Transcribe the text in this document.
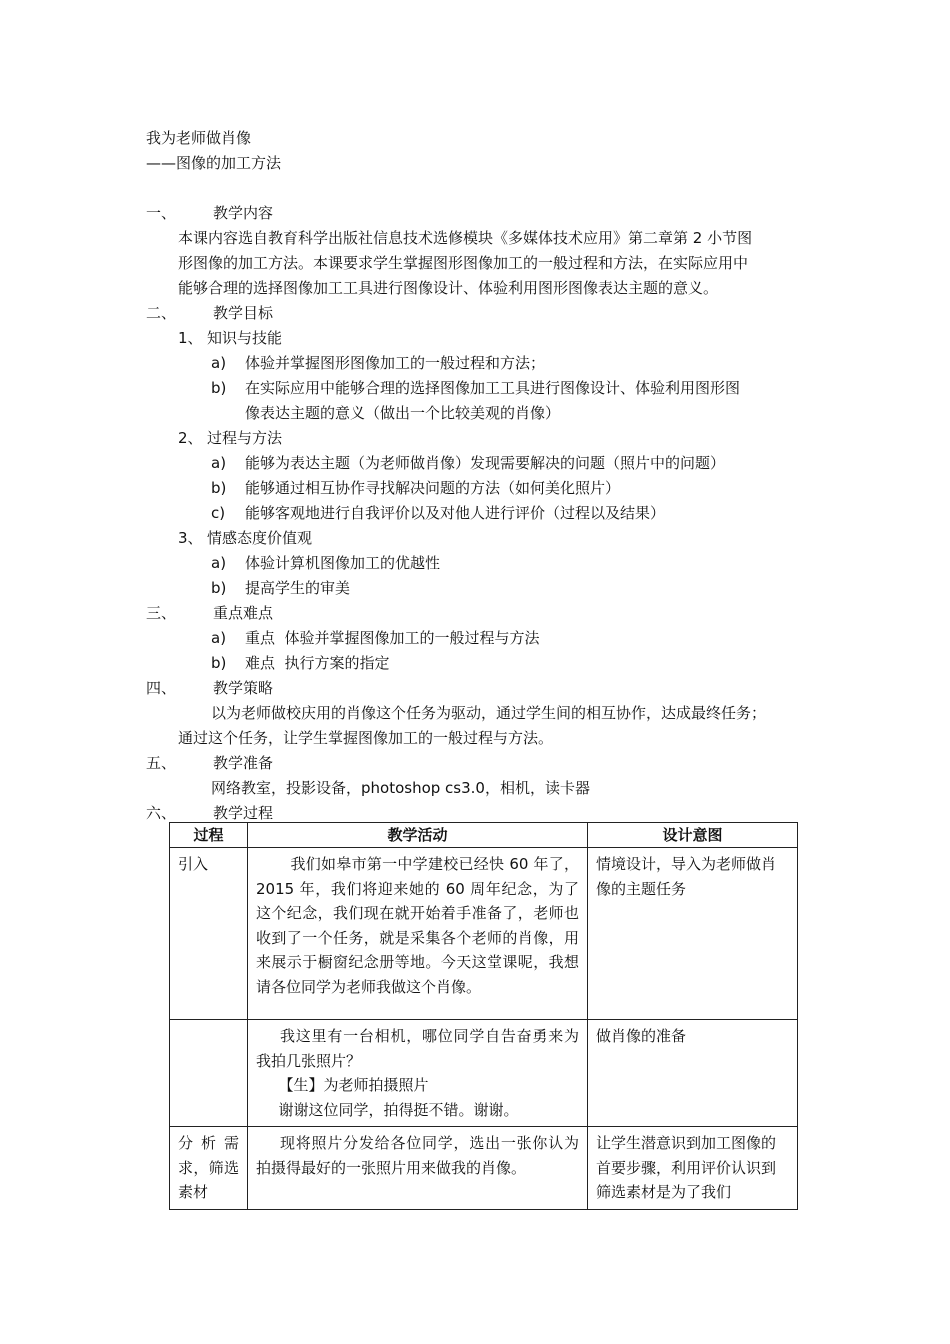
我为老师做肖像
——图像的加工方法
一、 教学内容
本课内容选自教育科学出版社信息技术选修模块《多媒体技术应用》第二章第 2 小节图
形图像的加工方法。本课要求学生掌握图形图像加工的一般过程和方法，在实际应用中
能够合理的选择图像加工工具进行图像设计、体验利用图形图像表达主题的意义。
二、 教学目标
1、 知识与技能
a) 体验并掌握图形图像加工的一般过程和方法；
b) 在实际应用中能够合理的选择图像加工工具进行图像设计、体验利用图形图
像表达主题的意义（做出一个比较美观的肖像）
2、 过程与方法
a) 能够为表达主题（为老师做肖像）发现需要解决的问题（照片中的问题）
b) 能够通过相互协作寻找解决问题的方法（如何美化照片）
c) 能够客观地进行自我评价以及对他人进行评价（过程以及结果）
3、 情感态度价值观
a) 体验计算机图像加工的优越性
b) 提高学生的审美
三、 重点难点
a) 重点  体验并掌握图像加工的一般过程与方法
b) 难点  执行方案的指定
四、 教学策略
以为老师做校庆用的肖像这个任务为驱动，通过学生间的相互协作，达成最终任务；
通过这个任务，让学生掌握图像加工的一般过程与方法。
五、 教学准备
网络教室，投影设备，photoshop cs3.0，相机，读卡器
六、 教学过程
过程	教学活动	设计意图
引入	我们如皋市第一中学建校已经快 60 年了，2015 年，我们将迎来她的 60 周年纪念，为了这个纪念，我们现在就开始着手准备了，老师也收到了一个任务，就是采集各个老师的肖像，用来展示于橱窗纪念册等地。今天这堂课呢，我想请各位同学为老师我做这个肖像。	情境设计，导入为老师做肖像的主题任务

	我这里有一台相机，哪位同学自告奋勇来为我拍几张照片？

【生】为老师拍摄照片

谢谢这位同学，拍得挺不错。谢谢。	做肖像的准备
分析需求，筛选素材	现将照片分发给各位同学，选出一张你认为拍摄得最好的一张照片用来做我的肖像。	让学生潜意识到加工图像的首要步骤，利用评价认识到筛选素材是为了我们
